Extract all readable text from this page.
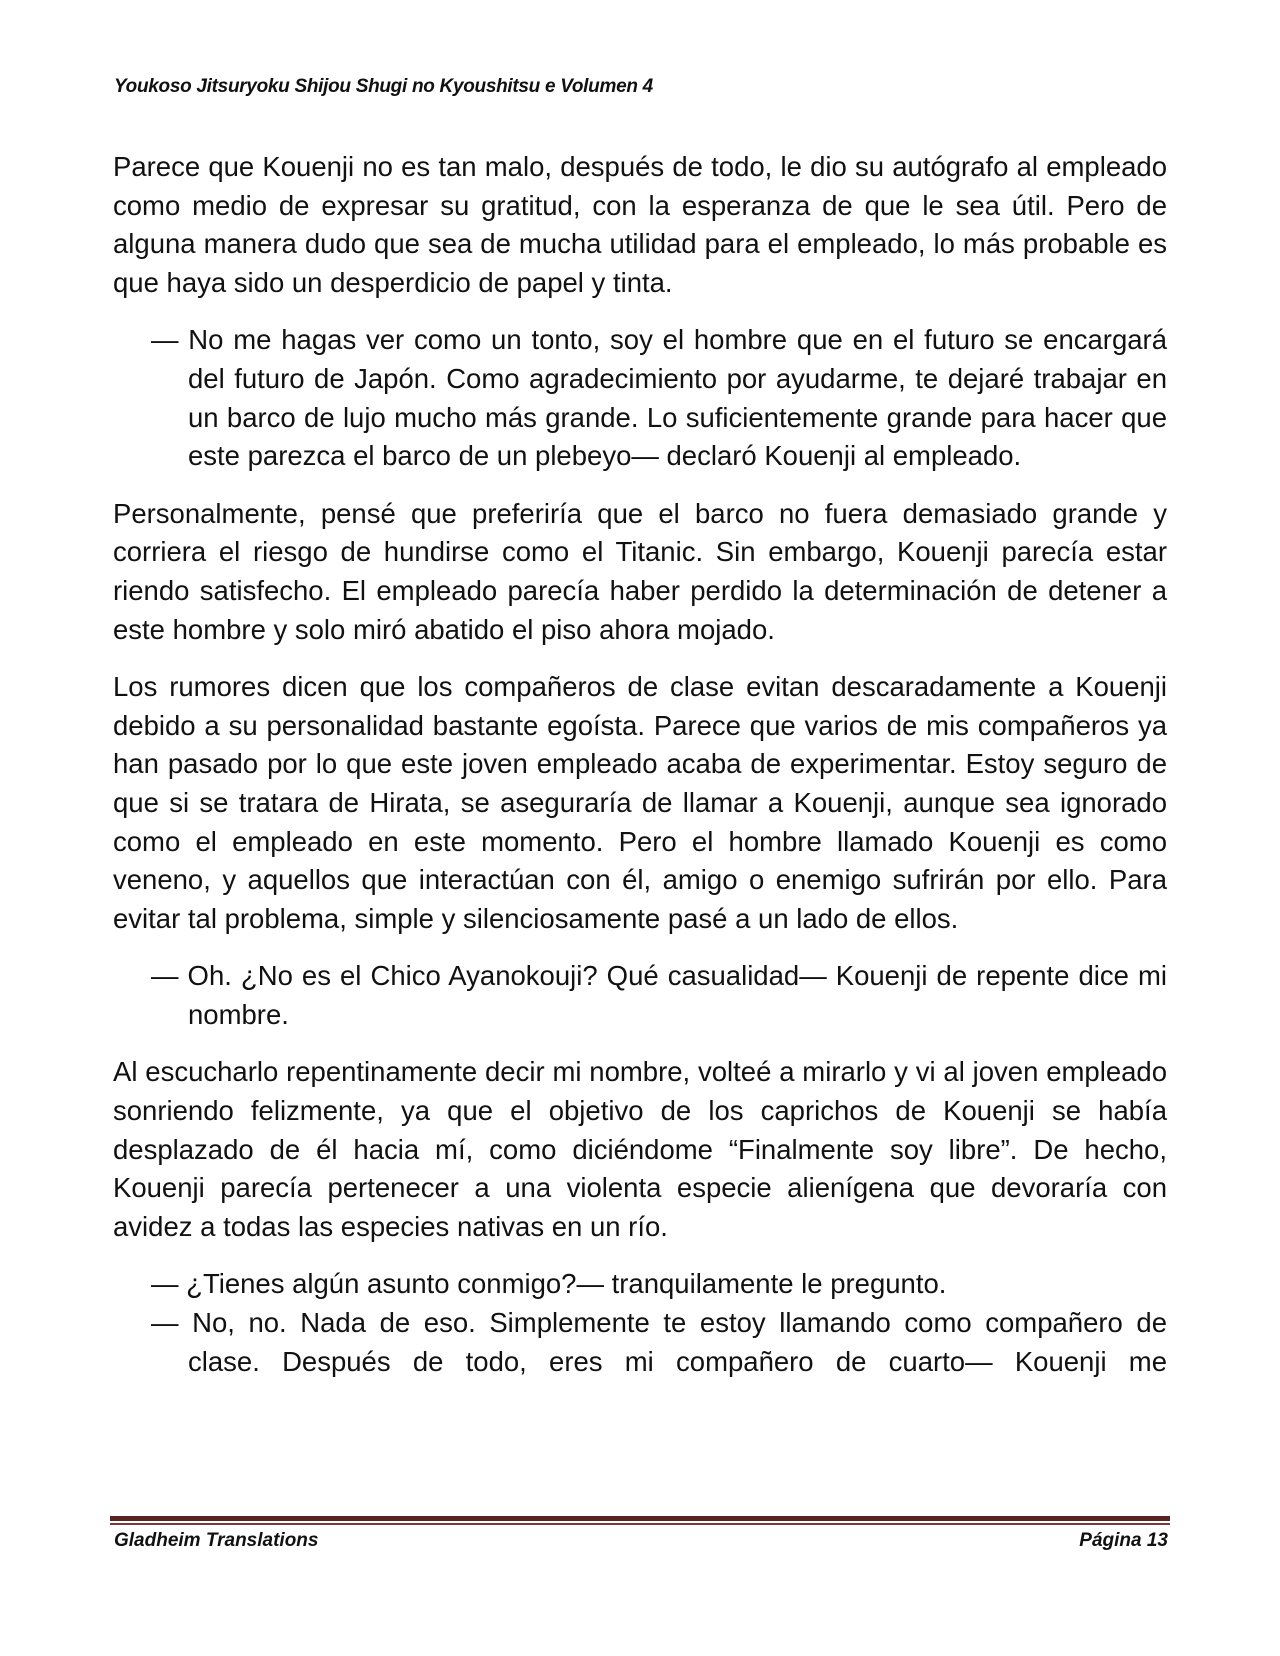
Youkoso Jitsuryoku Shijou Shugi no Kyoushitsu e Volumen 4

Parece que Kouenji no es tan malo, después de todo, le dio su autógrafo al empleado como medio de expresar su gratitud, con la esperanza de que le sea útil. Pero de alguna manera dudo que sea de mucha utilidad para el empleado, lo más probable es que haya sido un desperdicio de papel y tinta.

— No me hagas ver como un tonto, soy el hombre que en el futuro se encargará del futuro de Japón. Como agradecimiento por ayudarme, te dejaré trabajar en un barco de lujo mucho más grande. Lo suficientemente grande para hacer que este parezca el barco de un plebeyo— declaró Kouenji al empleado.

Personalmente, pensé que preferiría que el barco no fuera demasiado grande y corriera el riesgo de hundirse como el Titanic. Sin embargo, Kouenji parecía estar riendo satisfecho. El empleado parecía haber perdido la determinación de detener a este hombre y solo miró abatido el piso ahora mojado.

Los rumores dicen que los compañeros de clase evitan descaradamente a Kouenji debido a su personalidad bastante egoísta. Parece que varios de mis compañeros ya han pasado por lo que este joven empleado acaba de experimentar. Estoy seguro de que si se tratara de Hirata, se aseguraría de llamar a Kouenji, aunque sea ignorado como el empleado en este momento. Pero el hombre llamado Kouenji es como veneno, y aquellos que interactúan con él, amigo o enemigo sufrirán por ello. Para evitar tal problema, simple y silenciosamente pasé a un lado de ellos.

— Oh. ¿No es el Chico Ayanokouji? Qué casualidad— Kouenji de repente dice mi nombre.

Al escucharlo repentinamente decir mi nombre, volteé a mirarlo y vi al joven empleado sonriendo felizmente, ya que el objetivo de los caprichos de Kouenji se había desplazado de él hacia mí, como diciéndome “Finalmente soy libre”. De hecho, Kouenji parecía pertenecer a una violenta especie alienígena que devoraría con avidez a todas las especies nativas en un río.

— ¿Tienes algún asunto conmigo?— tranquilamente le pregunto.

— No, no. Nada de eso. Simplemente te estoy llamando como compañero de clase. Después de todo, eres mi compañero de cuarto— Kouenji me

Gladheim Translations	Página 13
